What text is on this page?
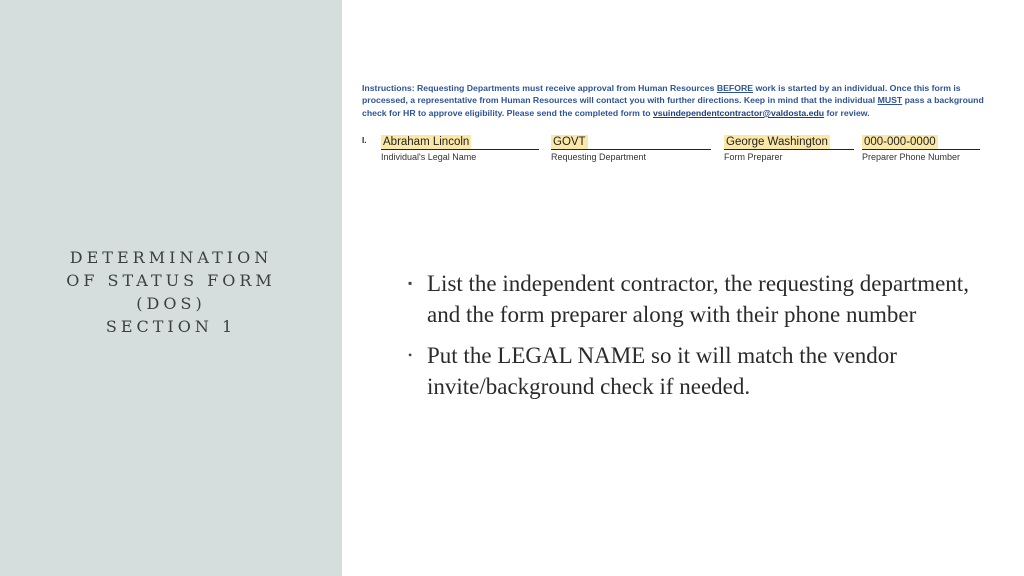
DETERMINATION
OF STATUS FORM
(DOS)
SECTION 1
Instructions: Requesting Departments must receive approval from Human Resources BEFORE work is started by an individual. Once this form is processed, a representative from Human Resources will contact you with further directions. Keep in mind that the individual MUST pass a background check for HR to approve eligibility. Please send the completed form to vsuindependentcontractor@valdosta.edu for review.
I. Abraham Lincoln
Individual's Legal Name
GOVT
Requesting Department
George Washington
Form Preparer
000-000-0000
Preparer Phone Number
▪ List the independent contractor, the requesting department, and the form preparer along with their phone number
• Put the LEGAL NAME so it will match the vendor invite/background check if needed.
